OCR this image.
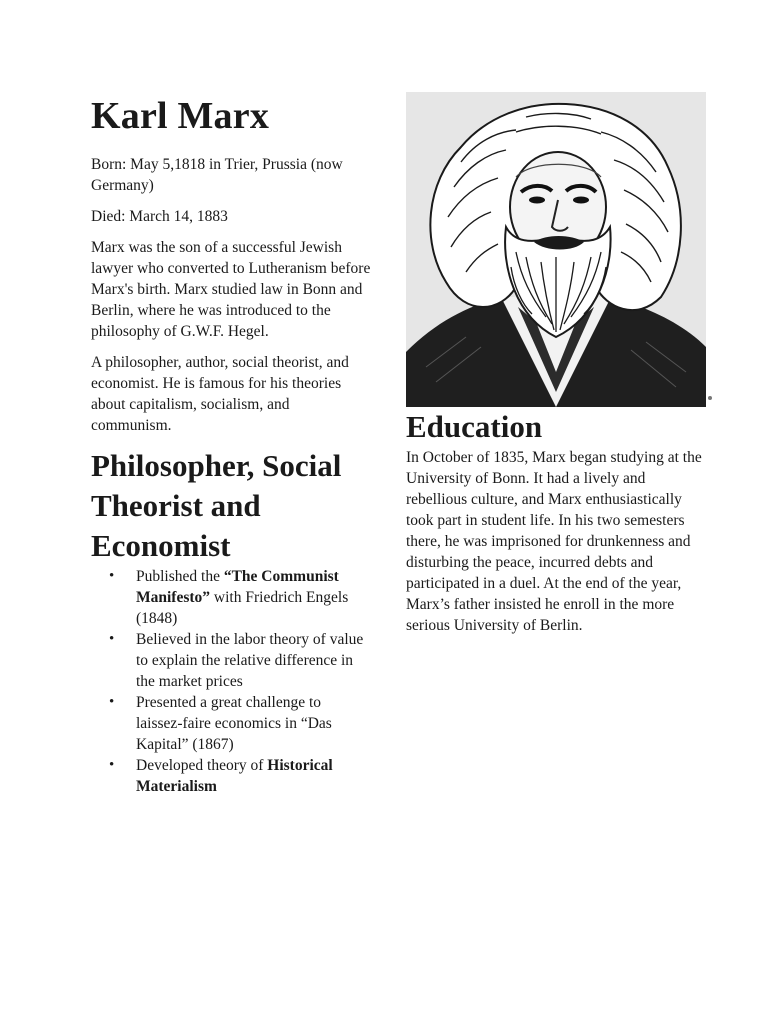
Karl Marx

Born: May 5,1818 in Trier, Prussia (now Germany)

Died: March 14, 1883

Marx was the son of a successful Jewish lawyer who converted to Lutheranism before Marx's birth. Marx studied law in Bonn and Berlin, where he was introduced to the philosophy of G.W.F. Hegel.

A philosopher, author, social theorist, and economist. He is famous for his theories about capitalism, socialism, and communism.

Philosopher, Social Theorist and Economist
• Published the “The Communist Manifesto” with Friedrich Engels (1848)
• Believed in the labor theory of value to explain the relative difference in the market prices
• Presented a great challenge to laissez-faire economics in “Das Kapital” (1867)
• Developed theory of Historical Materialism
Education

In October of 1835, Marx began studying at the University of Bonn. It had a lively and rebellious culture, and Marx enthusiastically took part in student life. In his two semesters there, he was imprisoned for drunkenness and disturbing the peace, incurred debts and participated in a duel. At the end of the year, Marx’s father insisted he enroll in the more serious University of Berlin.
